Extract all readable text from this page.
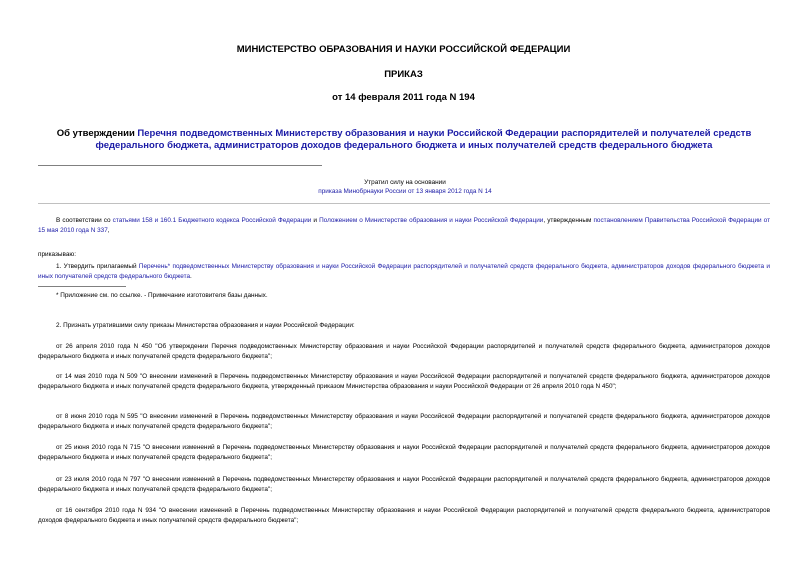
МИНИСТЕРСТВО ОБРАЗОВАНИЯ И НАУКИ РОССИЙСКОЙ ФЕДЕРАЦИИ

ПРИКАЗ

от 14 февраля 2011 года N 194

Об утверждении Перечня подведомственных Министерству образования и науки Российской Федерации распорядителей и получателей средств федерального бюджета, администраторов доходов федерального бюджета и иных получателей средств федерального бюджета

Утратил силу на основании

приказа Минобрнауки России от 13 января 2012 года N 14

В соответствии со статьями 158 и 160.1 Бюджетного кодекса Российской Федерации и Положением о Министерстве образования и науки Российской Федерации, утвержденным постановлением Правительства Российской Федерации от 15 мая 2010 года N 337,

приказываю:

1. Утвердить прилагаемый Перечень* подведомственных Министерству образования и науки Российской Федерации распорядителей и получателей средств федерального бюджета, администраторов доходов федерального бюджета и иных получателей средств федерального бюджета.

* Приложение см. по ссылке. - Примечание изготовителя базы данных.

2. Признать утратившими силу приказы Министерства образования и науки Российской Федерации:

от 26 апреля 2010 года N 450 "Об утверждении Перечня подведомственных Министерству образования и науки Российской Федерации распорядителей и получателей средств федерального бюджета, администраторов доходов федерального бюджета и иных получателей средств федерального бюджета";

от 14 мая 2010 года N 509 "О внесении изменений в Перечень подведомственных Министерству образования и науки Российской Федерации распорядителей и получателей средств федерального бюджета, администраторов доходов федерального бюджета и иных получателей средств федерального бюджета, утвержденный приказом Министерства образования и науки Российской Федерации от 26 апреля 2010 года N 450";

от 8 июня 2010 года N 595 "О внесении изменений в Перечень подведомственных Министерству образования и науки Российской Федерации распорядителей и получателей средств федерального бюджета, администраторов доходов федерального бюджета и иных получателей средств федерального бюджета";

от 25 июня 2010 года N 715 "О внесении изменений в Перечень подведомственных Министерству образования и науки Российской Федерации распорядителей и получателей средств федерального бюджета, администраторов доходов федерального бюджета и иных получателей средств федерального бюджета";

от 23 июля 2010 года N 797 "О внесении изменений в Перечень подведомственных Министерству образования и науки Российской Федерации распорядителей и получателей средств федерального бюджета, администраторов доходов федерального бюджета и иных получателей средств федерального бюджета";

от 16 сентября 2010 года N 934 "О внесении изменений в Перечень подведомственных Министерству образования и науки Российской Федерации распорядителей и получателей средств федерального бюджета, администраторов доходов федерального бюджета и иных получателей средств федерального бюджета";
